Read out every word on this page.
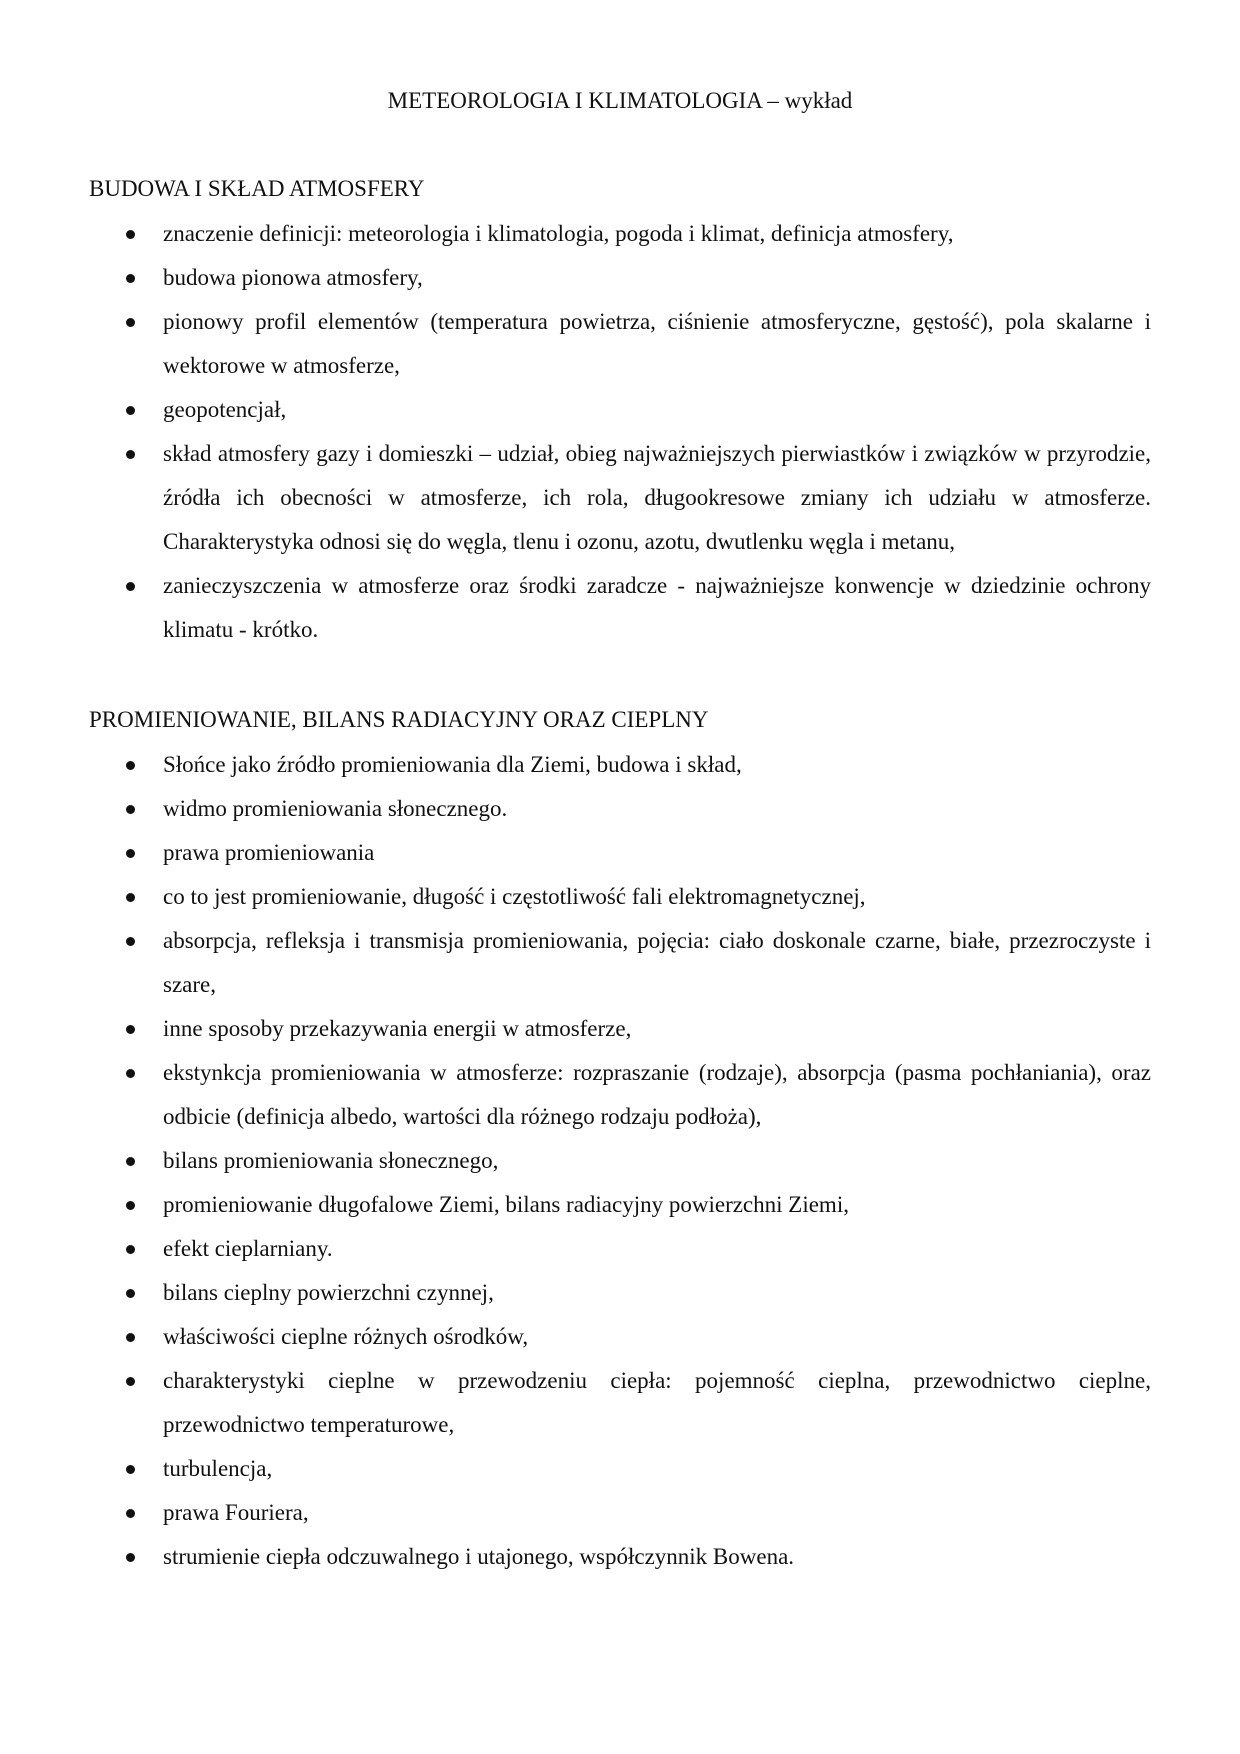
METEOROLOGIA I KLIMATOLOGIA – wykład
BUDOWA I SKŁAD ATMOSFERY
znaczenie definicji: meteorologia i klimatologia, pogoda i klimat, definicja atmosfery,
budowa pionowa atmosfery,
pionowy profil elementów (temperatura powietrza, ciśnienie atmosferyczne, gęstość), pola skalarne i wektorowe w atmosferze,
geopotencjał,
skład atmosfery gazy i domieszki – udział, obieg najważniejszych pierwiastków i związków w przyrodzie, źródła ich obecności w atmosferze, ich rola, długookresowe zmiany ich udziału w atmosferze. Charakterystyka odnosi się do węgla, tlenu i ozonu, azotu, dwutlenku węgla i metanu,
zanieczyszczenia w atmosferze oraz środki zaradcze - najważniejsze konwencje w dziedzinie ochrony klimatu - krótko.
PROMIENIOWANIE, BILANS RADIACYJNY ORAZ CIEPLNY
Słońce jako źródło promieniowania dla Ziemi, budowa i skład,
widmo promieniowania słonecznego.
prawa promieniowania
co to jest promieniowanie, długość i częstotliwość fali elektromagnetycznej,
absorpcja, refleksja i transmisja promieniowania, pojęcia: ciało doskonale czarne, białe, przezroczyste i szare,
inne sposoby przekazywania energii w atmosferze,
ekstynkcja promieniowania w atmosferze: rozpraszanie (rodzaje), absorpcja (pasma pochłaniania), oraz odbicie (definicja albedo, wartości dla różnego rodzaju podłoża),
bilans promieniowania słonecznego,
promieniowanie długofalowe Ziemi, bilans radiacyjny powierzchni Ziemi,
efekt cieplarniany.
bilans cieplny powierzchni czynnej,
właściwości cieplne różnych ośrodków,
charakterystyki cieplne w przewodzeniu ciepła: pojemność cieplna, przewodnictwo cieplne, przewodnictwo temperaturowe,
turbulencja,
prawa Fouriera,
strumienie ciepła odczuwalnego i utajonego, współczynnik Bowena.
